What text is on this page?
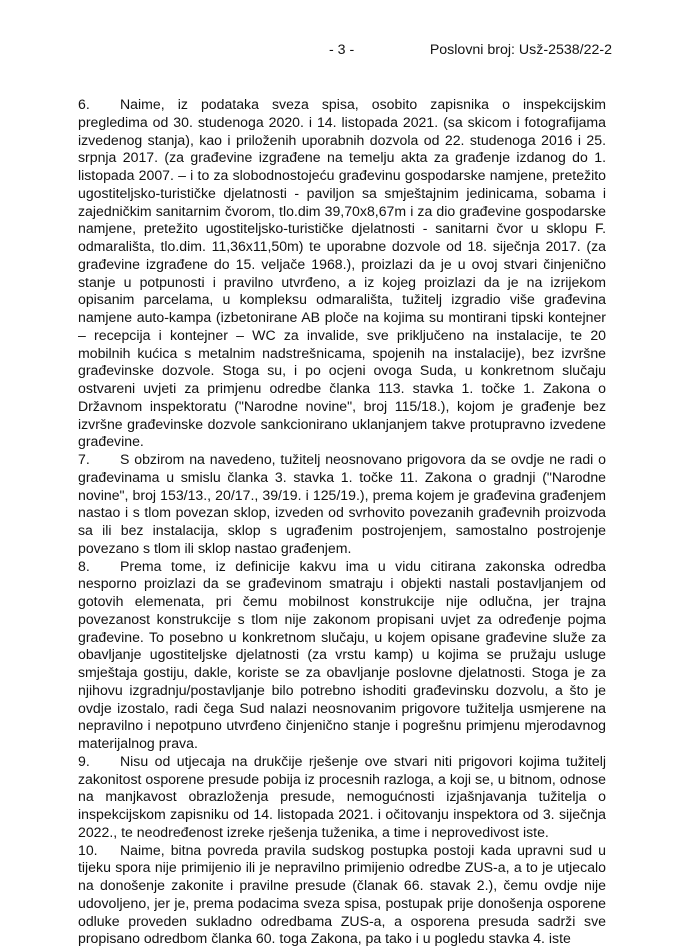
- 3 -	Poslovni broj: Usž-2538/22-2

6. Naime, iz podataka sveza spisa, osobito zapisnika o inspekcijskim pregledima od 30. studenoga 2020. i 14. listopada 2021. (sa skicom i fotografijama izvedenog stanja), kao i priloženih uporabnih dozvola od 22. studenoga 2016 i 25. srpnja 2017. (za građevine izgrađene na temelju akta za građenje izdanog do 1. listopada 2007. – i to za slobodnostojeću građevinu gospodarske namjene, pretežito ugostiteljsko-turističke djelatnosti - paviljon sa smještajnim jedinicama, sobama i zajedničkim sanitarnim čvorom, tlo.dim 39,70x8,67m i za dio građevine gospodarske namjene, pretežito ugostiteljsko-turističke djelatnosti - sanitarni čvor u sklopu F. odmarališta, tlo.dim. 11,36x11,50m) te uporabne dozvole od 18. siječnja 2017. (za građevine izgrađene do 15. veljače 1968.), proizlazi da je u ovoj stvari činjenično stanje u potpunosti i pravilno utvrđeno, a iz kojeg proizlazi da je na izrijekom opisanim parcelama, u kompleksu odmarališta, tužitelj izgradio više građevina namjene auto-kampa (izbetonirane AB ploče na kojima su montirani tipski kontejner – recepcija i kontejner – WC za invalide, sve priključeno na instalacije, te 20 mobilnih kućica s metalnim nadstrešnicama, spojenih na instalacije), bez izvršne građevinske dozvole. Stoga su, i po ocjeni ovoga Suda, u konkretnom slučaju ostvareni uvjeti za primjenu odredbe članka 113. stavka 1. točke 1. Zakona o Državnom inspektoratu ("Narodne novine", broj 115/18.), kojom je građenje bez izvršne građevinske dozvole sankcionirano uklanjanjem takve protupravno izvedene građevine.

7. S obzirom na navedeno, tužitelj neosnovano prigovora da se ovdje ne radi o građevinama u smislu članka 3. stavka 1. točke 11. Zakona o gradnji ("Narodne novine", broj 153/13., 20/17., 39/19. i 125/19.), prema kojem je građevina građenjem nastao i s tlom povezan sklop, izveden od svrhovito povezanih građevnih proizvoda sa ili bez instalacija, sklop s ugrađenim postrojenjem, samostalno postrojenje povezano s tlom ili sklop nastao građenjem.

8. Prema tome, iz definicije kakvu ima u vidu citirana zakonska odredba nesporno proizlazi da se građevinom smatraju i objekti nastali postavljanjem od gotovih elemenata, pri čemu mobilnost konstrukcije nije odlučna, jer trajna povezanost konstrukcije s tlom nije zakonom propisani uvjet za određenje pojma građevine. To posebno u konkretnom slučaju, u kojem opisane građevine služe za obavljanje ugostiteljske djelatnosti (za vrstu kamp) u kojima se pružaju usluge smještaja gostiju, dakle, koriste se za obavljanje poslovne djelatnosti. Stoga je za njihovu izgradnju/postavljanje bilo potrebno ishoditi građevinsku dozvolu, a što je ovdje izostalo, radi čega Sud nalazi neosnovanim prigovore tužitelja usmjerene na nepravilno i nepotpuno utvrđeno činjenično stanje i pogrešnu primjenu mjerodavnog materijalnog prava.

9. Nisu od utjecaja na drukčije rješenje ove stvari niti prigovori kojima tužitelj zakonitost osporene presude pobija iz procesnih razloga, a koji se, u bitnom, odnose na manjkavost obrazloženja presude, nemogućnosti izjašnjavanja tužitelja o inspekcijskom zapisniku od 14. listopada 2021. i očitovanju inspektora od 3. siječnja 2022., te neodređenost izreke rješenja tuženika, a time i neprovedivost iste.

10. Naime, bitna povreda pravila sudskog postupka postoji kada upravni sud u tijeku spora nije primijenio ili je nepravilno primijenio odredbe ZUS-a, a to je utjecalo na donošenje zakonite i pravilne presude (članak 66. stavak 2.), čemu ovdje nije udovoljeno, jer je, prema podacima sveza spisa, postupak prije donošenja osporene odluke proveden sukladno odredbama ZUS-a, a osporena presuda sadrži sve propisano odredbom članka 60. toga Zakona, pa tako i u pogledu stavka 4. iste
